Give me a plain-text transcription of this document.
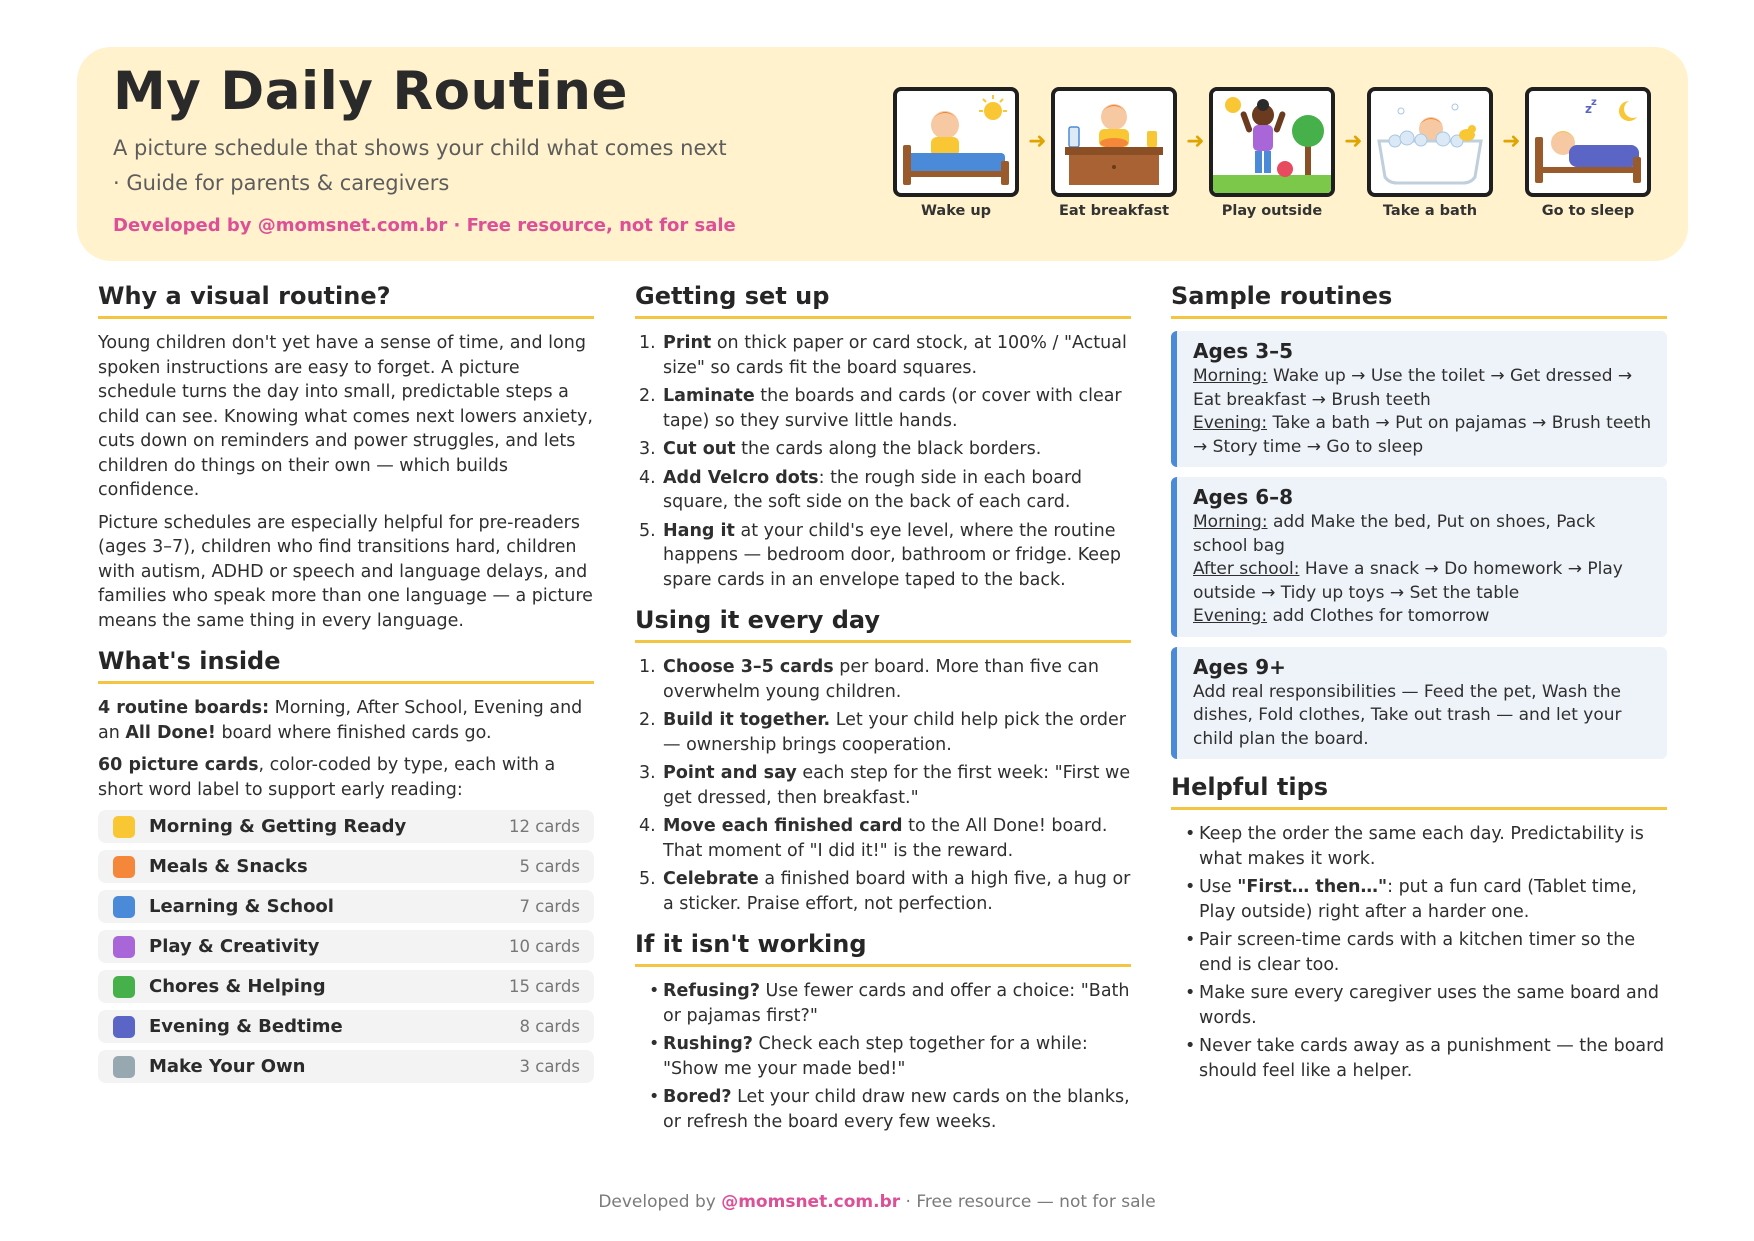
My Daily Routine
A picture schedule that shows your child what comes next · Guide for parents & caregivers
Developed by @momsnet.com.br · Free resource, not for sale
Wake up
➜
Eat breakfast
➜
Play outside
➜
Take a bath
➜
z z
Go to sleep
Why a visual routine?

Young children don't yet have a sense of time, and long spoken instructions are easy to forget. A picture schedule turns the day into small, predictable steps a child can see. Knowing what comes next lowers anxiety, cuts down on reminders and power struggles, and lets children do things on their own — which builds confidence.

Picture schedules are especially helpful for pre-readers (ages 3–7), children who find transitions hard, children with autism, ADHD or speech and language delays, and families who speak more than one language — a picture means the same thing in every language.

What's inside

4 routine boards: Morning, After School, Evening and an All Done! board where finished cards go.

60 picture cards, color-coded by type, each with a short word label to support early reading:

Morning & Getting Ready	12 cards
Meals & Snacks	5 cards
Learning & School	7 cards
Play & Creativity	10 cards
Chores & Helping	15 cards
Evening & Bedtime	8 cards
Make Your Own	3 cards
Getting set up
1. Print on thick paper or card stock, at 100% / "Actual size" so cards fit the board squares.
2. Laminate the boards and cards (or cover with clear tape) so they survive little hands.
3. Cut out the cards along the black borders.
4. Add Velcro dots: the rough side in each board square, the soft side on the back of each card.
5. Hang it at your child's eye level, where the routine happens — bedroom door, bathroom or fridge. Keep spare cards in an envelope taped to the back.
Using it every day
1. Choose 3–5 cards per board. More than five can overwhelm young children.
2. Build it together. Let your child help pick the order — ownership brings cooperation.
3. Point and say each step for the first week: "First we get dressed, then breakfast."
4. Move each finished card to the All Done! board. That moment of "I did it!" is the reward.
5. Celebrate a finished board with a high five, a hug or a sticker. Praise effort, not perfection.
If it isn't working
• Refusing? Use fewer cards and offer a choice: "Bath or pajamas first?"
• Rushing? Check each step together for a while: "Show me your made bed!"
• Bored? Let your child draw new cards on the blanks, or refresh the board every few weeks.
Sample routines
Ages 3–5
Morning: Wake up → Use the toilet → Get dressed → Eat breakfast → Brush teeth
Evening: Take a bath → Put on pajamas → Brush teeth → Story time → Go to sleep
Ages 6–8
Morning: add Make the bed, Put on shoes, Pack school bag
After school: Have a snack → Do homework → Play outside → Tidy up toys → Set the table
Evening: add Clothes for tomorrow
Ages 9+
Add real responsibilities — Feed the pet, Wash the dishes, Fold clothes, Take out trash — and let your child plan the board.
Helpful tips
• Keep the order the same each day. Predictability is what makes it work.
• Use "First… then…": put a fun card (Tablet time, Play outside) right after a harder one.
• Pair screen-time cards with a kitchen timer so the end is clear too.
• Make sure every caregiver uses the same board and words.
• Never take cards away as a punishment — the board should feel like a helper.
Developed by @momsnet.com.br · Free resource — not for sale
